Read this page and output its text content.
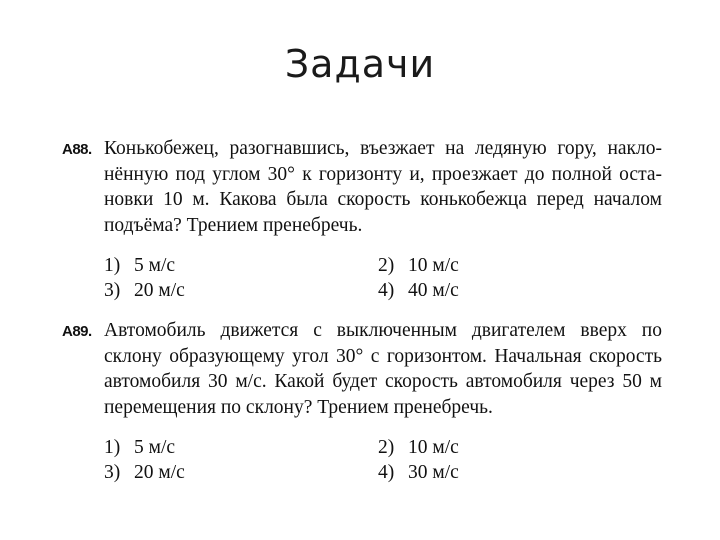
Задачи
А88. Конькобежец, разогнавшись, въезжает на ледяную гору, наклонённую под углом 30° к горизонту и, проезжает до полной остановки 10 м. Какова была скорость конькобежца перед началом подъёма? Трением пренебречь.
1) 5 м/с	2) 10 м/с
3) 20 м/с	4) 40 м/с
А89. Автомобиль движется с выключенным двигателем вверх по склону образующему угол 30° с горизонтом. Начальная скорость автомобиля 30 м/с. Какой будет скорость автомобиля через 50 м перемещения по склону? Трением пренебречь.
1) 5 м/с	2) 10 м/с
3) 20 м/с	4) 30 м/с
